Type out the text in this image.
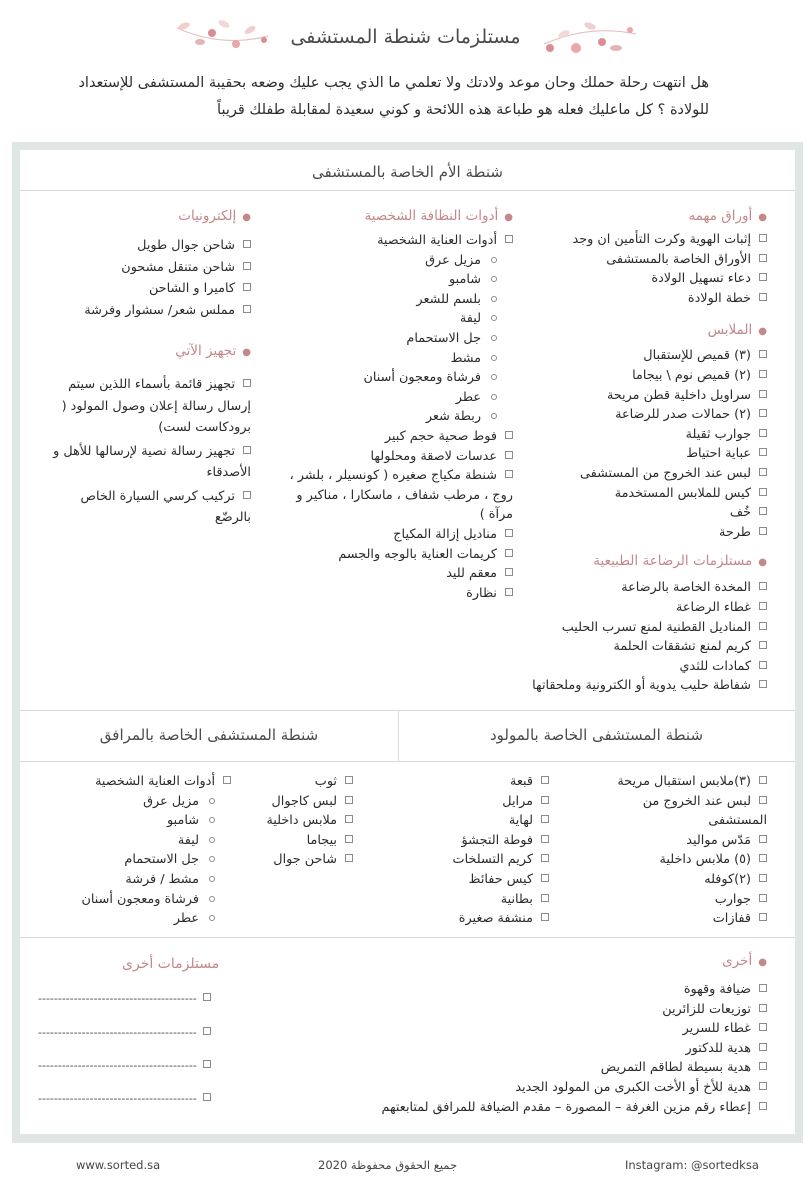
مستلزمات شنطة المستشفى
هل انتهت رحلة حملك وحان موعد ولادتك ولا تعلمي ما الذي يجب عليك وضعه بحقيبة المستشفى للإستعداد للولادة ؟ كل ماعليك فعله هو طباعة هذه اللائحة و كوني سعيدة لمقابلة طفلك قريباً
شنطة الأم الخاصة بالمستشفى
●أوراق مهمه
إثبات الهوية وكرت التأمين ان وجد
الأوراق الخاصة بالمستشفى
دعاء تسهيل الولادة
خطة الولادة
●الملابس
(٣) قميص للإستقبال
(٢) قميص نوم \ بيجاما
سراويل داخلية قطن مريحة
(٢) حمالات صدر للرضاعة
جوارب ثقيلة
عباية احتياط
لبس عند الخروج من المستشفى
كيس للملابس المستخدمة
خُف
طرحة
●مستلزمات الرضاعة الطبيعية
المخدة الخاصة بالرضاعة
غطاء الرضاعة
المناديل القطنية لمنع تسرب الحليب
كريم لمنع تشققات الحلمة
كمادات للثدي
شفاطة حليب يدوية أو الكترونية وملحقاتها
●أدوات النظافة الشخصية
أدوات العناية الشخصية
مزيل عرق
شامبو
بلسم للشعر
ليفة
جل الاستحمام
مشط
فرشاة ومعجون أسنان
عطر
ربطة شعر
فوط صحية حجم كبير
عدسات لاصقة ومحلولها
شنطة مكياج صغيره ( كونسيلر ، بلشر ، روج ، مرطب شفاف ، ماسكارا ، مناكير و مرآة )
مناديل إزالة المكياج
كريمات العناية بالوجه والجسم
معقم لليد
نظارة
●إلكترونيات
شاحن جوال طويل
شاحن متنقل مشحون
كاميرا و الشاحن
مملس شعر/ سشوار وفرشة
●تجهيز الآتي
تجهيز قائمة بأسماء اللذين سيتم إرسال رسالة إعلان وصول المولود ( برودكاست لست)
تجهيز رسالة نصية لإرسالها للأهل و الأصدقاء
تركيب كرسي السيارة الخاص بالرضّع
شنطة المستشفى الخاصة بالمولود
شنطة المستشفى الخاصة بالمرافق
(٣)ملابس استقبال مريحة
لبس عند الخروج من المستشفى
مَدّس مواليد
(٥) ملابس داخلية
(٢)كوفله
جوارب
قفازات
قبعة
مرايل
لهاية
فوطة التجشؤ
كريم التسلخات
كيس حفائظ
بطانية
منشفة صغيرة
ثوب
لبس كاجوال
ملابس داخلية
بيجاما
شاحن جوال
أدوات العناية الشخصية
مزيل عرق
شامبو
ليفة
جل الاستحمام
مشط / فرشة
فرشاة ومعجون أسنان
عطر
●أخرى
ضيافة وقهوة
توزيعات للزائرين
غطاء للسرير
هدية للدكتور
هدية بسيطة لطاقم التمريض
هدية للأخ أو الأخت الكبرى من المولود الجديد
إعطاء رقم مزين الغرفة – المصورة – مقدم الضيافة للمرافق لمتابعتهم
مستلزمات أخرى
----------------------------------------
----------------------------------------
----------------------------------------
----------------------------------------
www.sorted.sa	جميع الحقوق محفوظة 2020	Instagram: @sortedksa
